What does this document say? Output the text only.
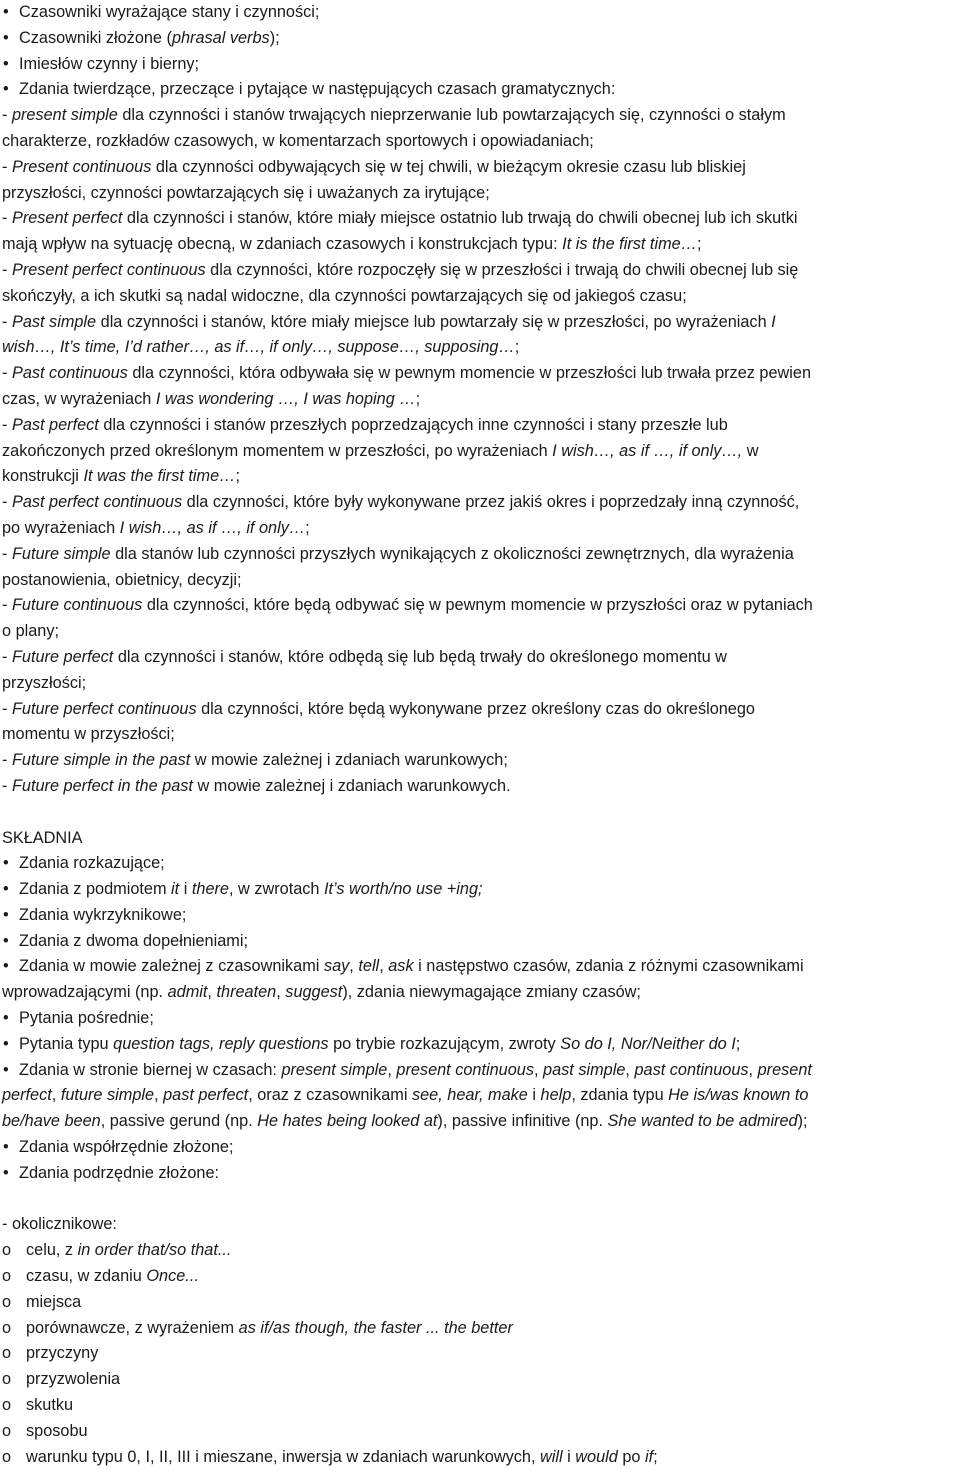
• Czasowniki wyrażające stany i czynności;

• Czasowniki złożone (phrasal verbs);

• Imiesłów czynny i bierny;

• Zdania twierdzące, przeczące i pytające w następujących czasach gramatycznych:

- present simple dla czynności i stanów trwających nieprzerwanie lub powtarzających się, czynności o stałym

charakterze, rozkładów czasowych, w komentarzach sportowych i opowiadaniach;

- Present continuous dla czynności odbywających się w tej chwili, w bieżącym okresie czasu lub bliskiej

przyszłości, czynności powtarzających się i uważanych za irytujące;

- Present perfect dla czynności i stanów, które miały miejsce ostatnio lub trwają do chwili obecnej lub ich skutki

mają wpływ na sytuację obecną, w zdaniach czasowych i konstrukcjach typu: It is the first time…;

- Present perfect continuous dla czynności, które rozpoczęły się w przeszłości i trwają do chwili obecnej lub się

skończyły, a ich skutki są nadal widoczne, dla czynności powtarzających się od jakiegoś czasu;

- Past simple dla czynności i stanów, które miały miejsce lub powtarzały się w przeszłości, po wyrażeniach I

wish…, It’s time, I’d rather…, as if…, if only…, suppose…, supposing…;

- Past continuous dla czynności, która odbywała się w pewnym momencie w przeszłości lub trwała przez pewien

czas, w wyrażeniach I was wondering …, I was hoping …;

- Past perfect dla czynności i stanów przeszłych poprzedzających inne czynności i stany przeszłe lub

zakończonych przed określonym momentem w przeszłości, po wyrażeniach I wish…, as if …, if only…, w

konstrukcji It was the first time…;

- Past perfect continuous dla czynności, które były wykonywane przez jakiś okres i poprzedzały inną czynność,

po wyrażeniach I wish…, as if …, if only…;

- Future simple dla stanów lub czynności przyszłych wynikających z okoliczności zewnętrznych, dla wyrażenia

postanowienia, obietnicy, decyzji;

- Future continuous dla czynności, które będą odbywać się w pewnym momencie w przyszłości oraz w pytaniach

o plany;

- Future perfect dla czynności i stanów, które odbędą się lub będą trwały do określonego momentu w

przyszłości;

- Future perfect continuous dla czynności, które będą wykonywane przez określony czas do określonego

momentu w przyszłości;

- Future simple in the past w mowie zależnej i zdaniach warunkowych;

- Future perfect in the past w mowie zależnej i zdaniach warunkowych.

SKŁADNIA

• Zdania rozkazujące;

• Zdania z podmiotem it i there, w zwrotach It’s worth/no use +ing;

• Zdania wykrzyknikowe;

• Zdania z dwoma dopełnieniami;

• Zdania w mowie zależnej z czasownikami say, tell, ask i następstwo czasów, zdania z różnymi czasownikami

wprowadzającymi (np. admit, threaten, suggest), zdania niewymagające zmiany czasów;

• Pytania pośrednie;

• Pytania typu question tags, reply questions po trybie rozkazującym, zwroty So do I, Nor/Neither do I;

• Zdania w stronie biernej w czasach: present simple, present continuous, past simple, past continuous, present

perfect, future simple, past perfect, oraz z czasownikami see, hear, make i help, zdania typu He is/was known to

be/have been, passive gerund (np. He hates being looked at), passive infinitive (np. She wanted to be admired);

• Zdania współrzędnie złożone;

• Zdania podrzędnie złożone:

- okolicznikowe:

o celu, z in order that/so that...

o czasu, w zdaniu Once...

o miejsca

o porównawcze, z wyrażeniem as if/as though, the faster ... the better

o przyczyny

o przyzwolenia

o skutku

o sposobu

o warunku typu 0, I, II, III i mieszane, inwersja w zdaniach warunkowych, will i would po if;
